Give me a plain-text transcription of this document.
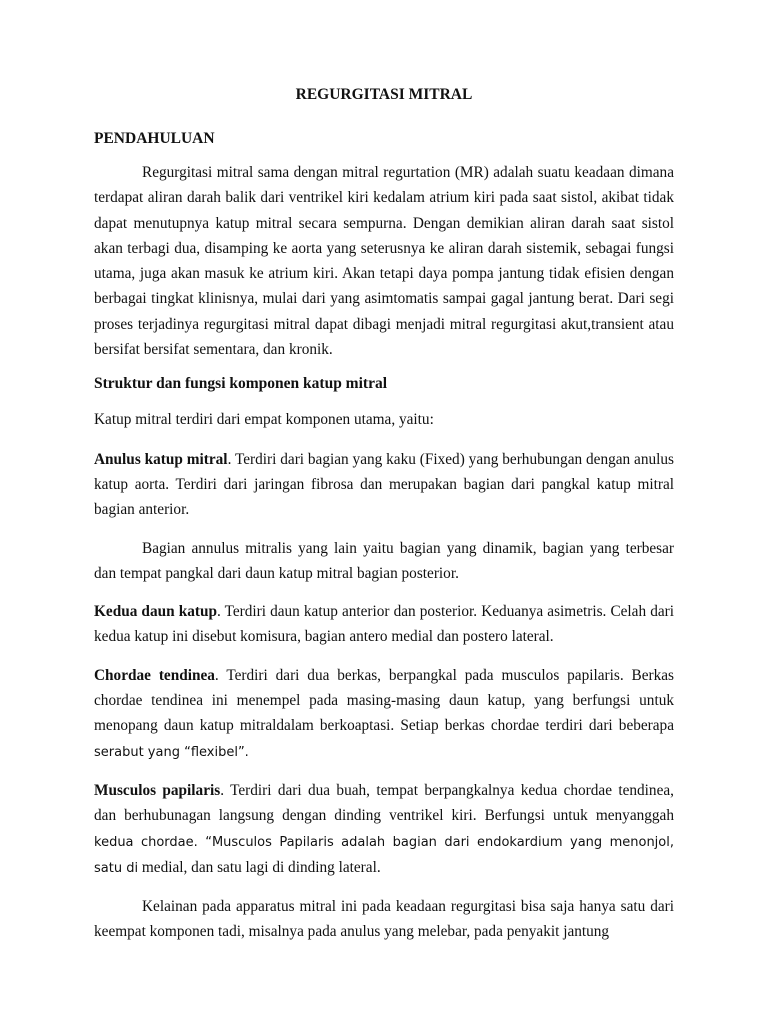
REGURGITASI MITRAL
PENDAHULUAN

Regurgitasi mitral sama dengan mitral regurtation (MR) adalah suatu keadaan dimana terdapat aliran darah balik dari ventrikel kiri kedalam atrium kiri pada saat sistol, akibat tidak dapat menutupnya katup mitral secara sempurna. Dengan demikian aliran darah saat sistol akan terbagi dua, disamping ke aorta yang seterusnya ke aliran darah sistemik, sebagai fungsi utama, juga akan masuk ke atrium kiri. Akan tetapi daya pompa jantung tidak efisien dengan berbagai tingkat klinisnya, mulai dari yang asimtomatis sampai gagal jantung berat. Dari segi proses terjadinya regurgitasi mitral dapat dibagi menjadi mitral regurgitasi akut,transient atau bersifat bersifat sementara, dan kronik.

Struktur dan fungsi komponen katup mitral

Katup mitral terdiri dari empat komponen utama, yaitu:

Anulus katup mitral. Terdiri dari bagian yang kaku (Fixed) yang berhubungan dengan anulus katup aorta. Terdiri dari jaringan fibrosa dan merupakan bagian dari pangkal katup mitral bagian anterior.

Bagian annulus mitralis yang lain yaitu bagian yang dinamik, bagian yang terbesar dan tempat pangkal dari daun katup mitral bagian posterior.

Kedua daun katup. Terdiri daun katup anterior dan posterior. Keduanya asimetris. Celah dari kedua katup ini disebut komisura, bagian antero medial dan postero lateral.

Chordae tendinea. Terdiri dari dua berkas, berpangkal pada musculos papilaris. Berkas chordae tendinea ini menempel pada masing-masing daun katup, yang berfungsi untuk menopang daun katup mitraldalam berkoaptasi. Setiap berkas chordae terdiri dari beberapa serabut yang “flexibel”.

Musculos papilaris. Terdiri dari dua buah, tempat berpangkalnya kedua chordae tendinea, dan berhubunagan langsung dengan dinding ventrikel kiri. Berfungsi untuk menyanggah kedua chordae. “Musculos Papilaris adalah bagian dari endokardium yang menonjol, satu di medial, dan satu lagi di dinding lateral.

Kelainan pada apparatus mitral ini pada keadaan regurgitasi bisa saja hanya satu dari keempat komponen tadi, misalnya pada anulus yang melebar, pada penyakit jantung
